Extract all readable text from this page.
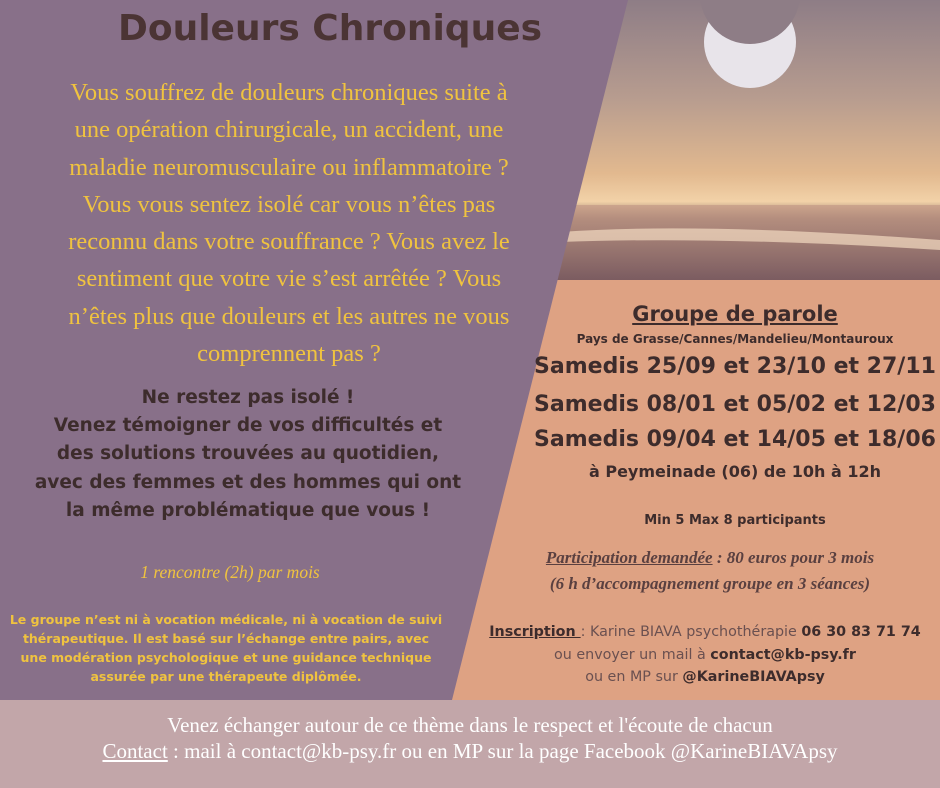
Douleurs Chroniques
Vous souffrez de douleurs chroniques suite à
une opération chirurgicale, un accident, une
maladie neuromusculaire ou inflammatoire ?
Vous vous sentez isolé car vous n’êtes pas
reconnu dans votre souffrance ? Vous avez le
sentiment que votre vie s’est arrêtée ? Vous
n’êtes plus que douleurs et les autres ne vous
comprennent pas ?
Ne restez pas isolé !
Venez témoigner de vos difficultés et
des solutions trouvées au quotidien,
avec des femmes et des hommes qui ont
la même problématique que vous !
1 rencontre (2h) par mois
Le groupe n’est ni à vocation médicale, ni à vocation de suivi
thérapeutique. Il est basé sur l’échange entre pairs, avec
une modération psychologique et une guidance technique
assurée par une thérapeute diplômée.
Groupe de parole
Pays de Grasse/Cannes/Mandelieu/Montauroux
Samedis 25/09 et 23/10 et 27/11
Samedis 08/01 et 05/02 et 12/03
Samedis 09/04 et 14/05 et 18/06
à Peymeinade (06) de 10h à 12h
Min 5 Max 8 participants
Participation demandée : 80 euros pour 3 mois
(6 h d’accompagnement groupe en 3 séances)
Inscription : Karine BIAVA psychothérapie 06 30 83 71 74
ou envoyer un mail à contact@kb-psy.fr
ou en MP sur @KarineBIAVApsy
Venez échanger autour de ce thème dans le respect et l'écoute de chacun
Contact : mail à contact@kb-psy.fr ou en MP sur la page Facebook @KarineBIAVApsy
